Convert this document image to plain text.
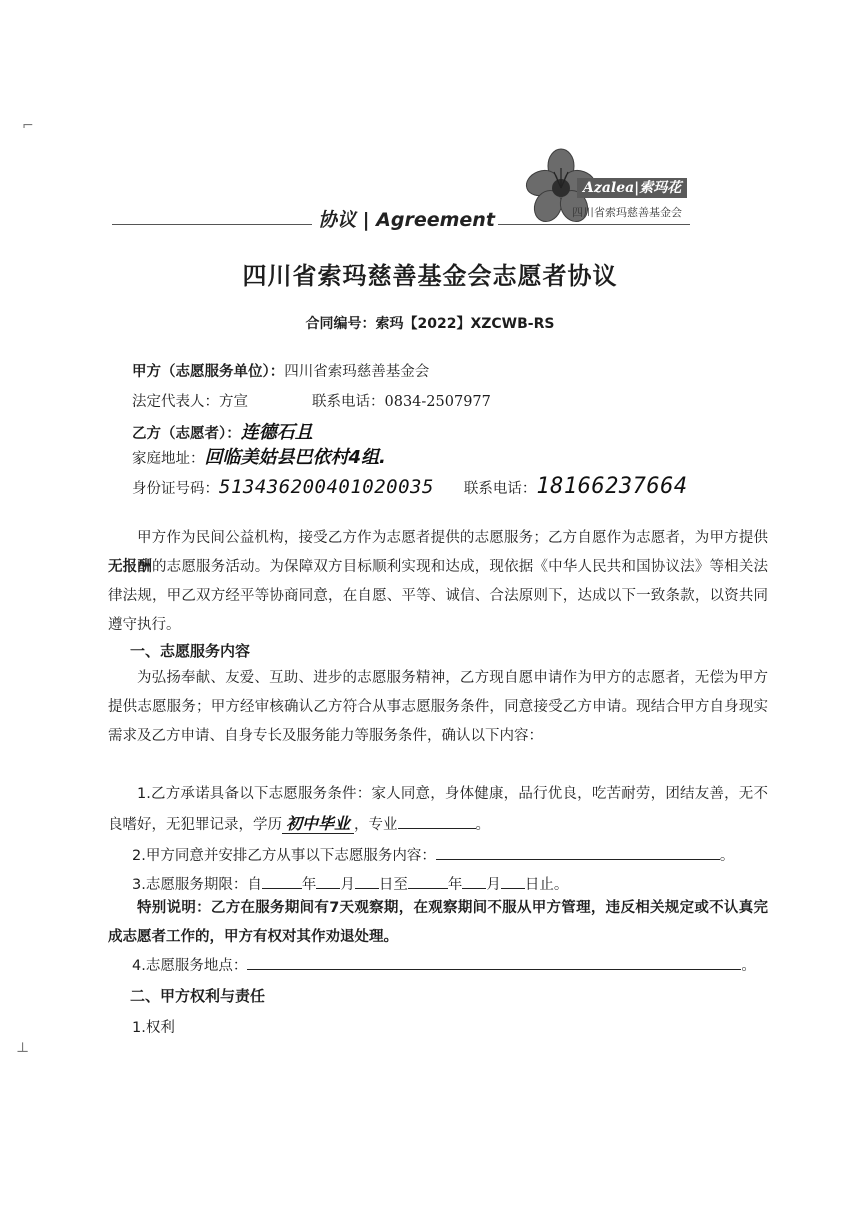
协议 | Agreement
Azalea|索玛花
四川省索玛慈善基金会
四川省索玛慈善基金会志愿者协议
合同编号：索玛【2022】XZCWB-RS
甲方（志愿服务单位）：四川省索玛慈善基金会
法定代表人：方宣	联系电话：0834-2507977
乙方（志愿者）：连德石且
家庭地址：回临美姑县巴依村4组.
身份证号码：513436200401020035 联系电话：18166237664

甲方作为民间公益机构，接受乙方作为志愿者提供的志愿服务；乙方自愿作为志愿者，为甲方提供无报酬的志愿服务活动。为保障双方目标顺利实现和达成，现依据《中华人民共和国协议法》等相关法律法规，甲乙双方经平等协商同意，在自愿、平等、诚信、合法原则下，达成以下一致条款，以资共同遵守执行。

一、志愿服务内容

为弘扬奉献、友爱、互助、进步的志愿服务精神，乙方现自愿申请作为甲方的志愿者，无偿为甲方提供志愿服务；甲方经审核确认乙方符合从事志愿服务条件，同意接受乙方申请。现结合甲方自身现实需求及乙方申请、自身专长及服务能力等服务条件，确认以下内容：

1.乙方承诺具备以下志愿服务条件：家人同意，身体健康，品行优良，吃苦耐劳，团结友善，无不良嗜好，无犯罪记录，学历 初中毕业 ，专业	。

2.甲方同意并安排乙方从事以下志愿服务内容：	。
3.志愿服务期限：自	年 月 日至	年 月 日止。

特别说明：乙方在服务期间有7天观察期，在观察期间不服从甲方管理，违反相关规定或不认真完成志愿者工作的，甲方有权对其作劝退处理。

4.志愿服务地点：	。
二、甲方权利与责任
1.权利
⌐
⊥
